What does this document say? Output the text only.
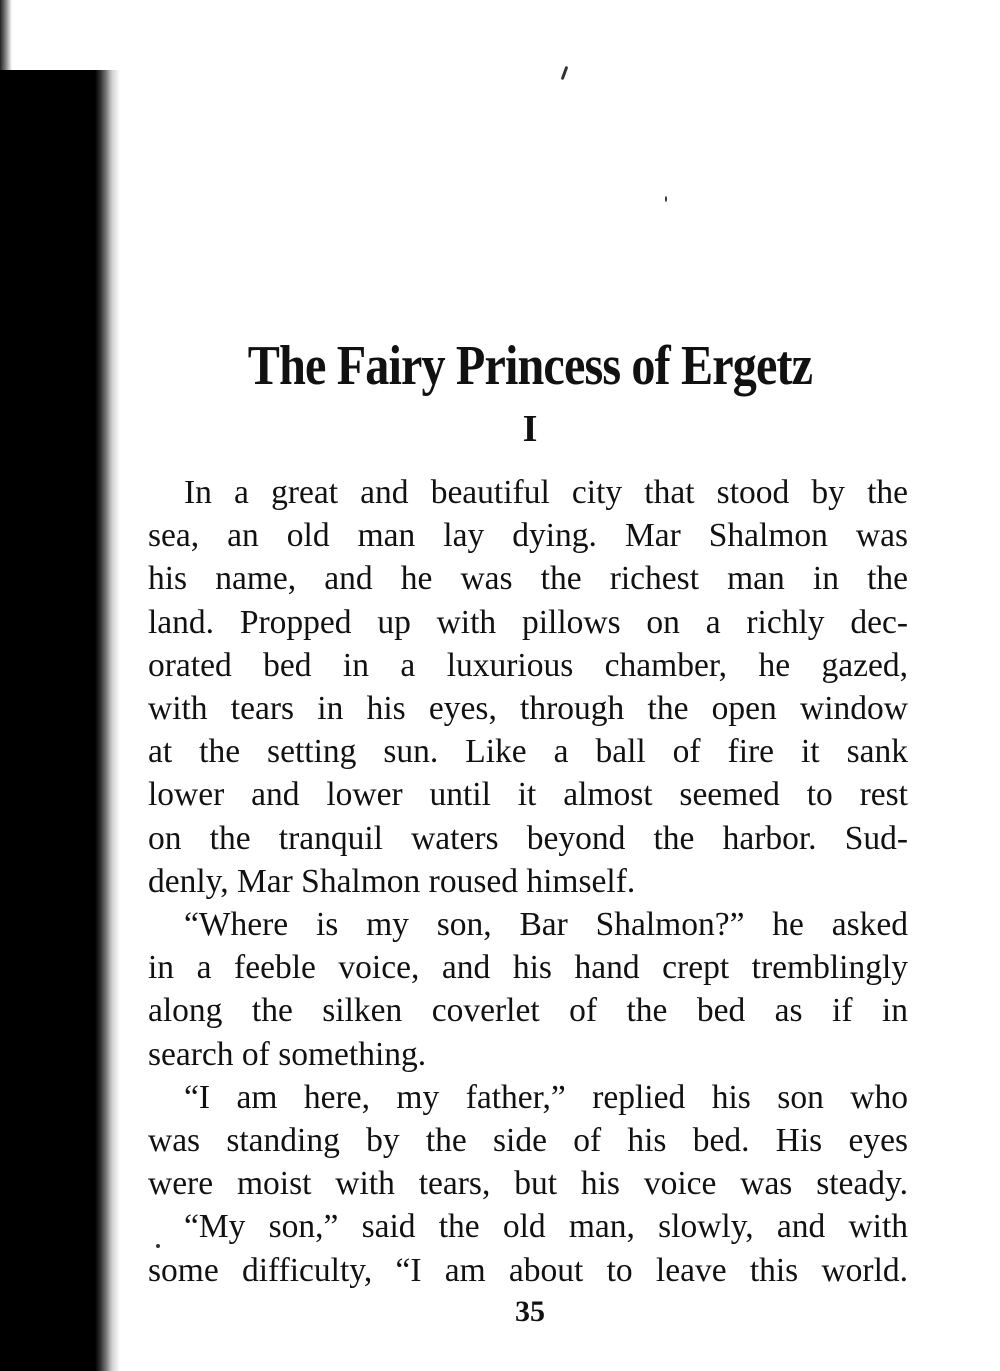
The Fairy Princess of Ergetz
I
In a great and beautiful city that stood by the
sea, an old man lay dying. Mar Shalmon was
his name, and he was the richest man in the
land. Propped up with pillows on a richly dec-
orated bed in a luxurious chamber, he gazed,
with tears in his eyes, through the open window
at the setting sun. Like a ball of fire it sank
lower and lower until it almost seemed to rest
on the tranquil waters beyond the harbor. Sud-
denly, Mar Shalmon roused himself.
“Where is my son, Bar Shalmon?” he asked
in a feeble voice, and his hand crept tremblingly
along the silken coverlet of the bed as if in
search of something.
“I am here, my father,” replied his son who
was standing by the side of his bed. His eyes
were moist with tears, but his voice was steady.
“My son,” said the old man, slowly, and with
some difficulty, “I am about to leave this world.
35
